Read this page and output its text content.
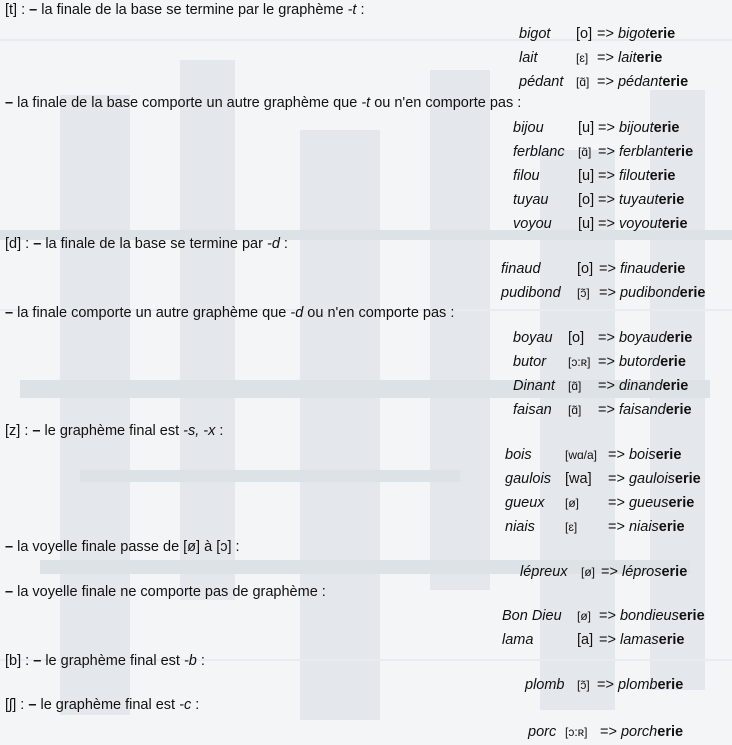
[t] : – la finale de la base se termine par le graphème -t :
– la finale de la base comporte un autre graphème que -t ou n'en comporte pas :
[d] : – la finale de la base se termine par -d :
– la finale comporte un autre graphème que -d ou n'en comporte pas :
[z] : – le graphème final est -s, -x :
– la voyelle finale passe de [ø] à [ɔ] :
– la voyelle finale ne comporte pas de graphème :
[b] : – le graphème final est -b :
[ʃ] : – le graphème final est -c :
bigot [o] => bigoterie
lait	[ɛ] => laiterie
pédant [ɑ̃] => pédanterie
bijou [u] => bijouterie
ferblanc [ɑ̃] => ferblanterie
filou	[u] => filouterie
tuyau [o] => tuyauterie
voyou [u] => voyouterie
finaud	[o] => finauderie
pudibond [ɔ̃] => pudibonderie
boyau [o] => boyauderie
butor [ɔ:ʀ] => butorderie
Dinant [ɑ̃] => dinanderie
faisan [ɑ̃] => faisanderie
bois	[wɑ/a] => boiserie
gaulois [wa] => gauloiserie
gueux [ø] => gueuserie
niais	[ɛ] => niaiserie
lépreux [ø] => léproserie
Bon Dieu [ø] => bondieuserie
lama	[a] => lamaserie
plomb [ɔ̃] => plomberie
porc [ɔ:ʀ] => porcherie
